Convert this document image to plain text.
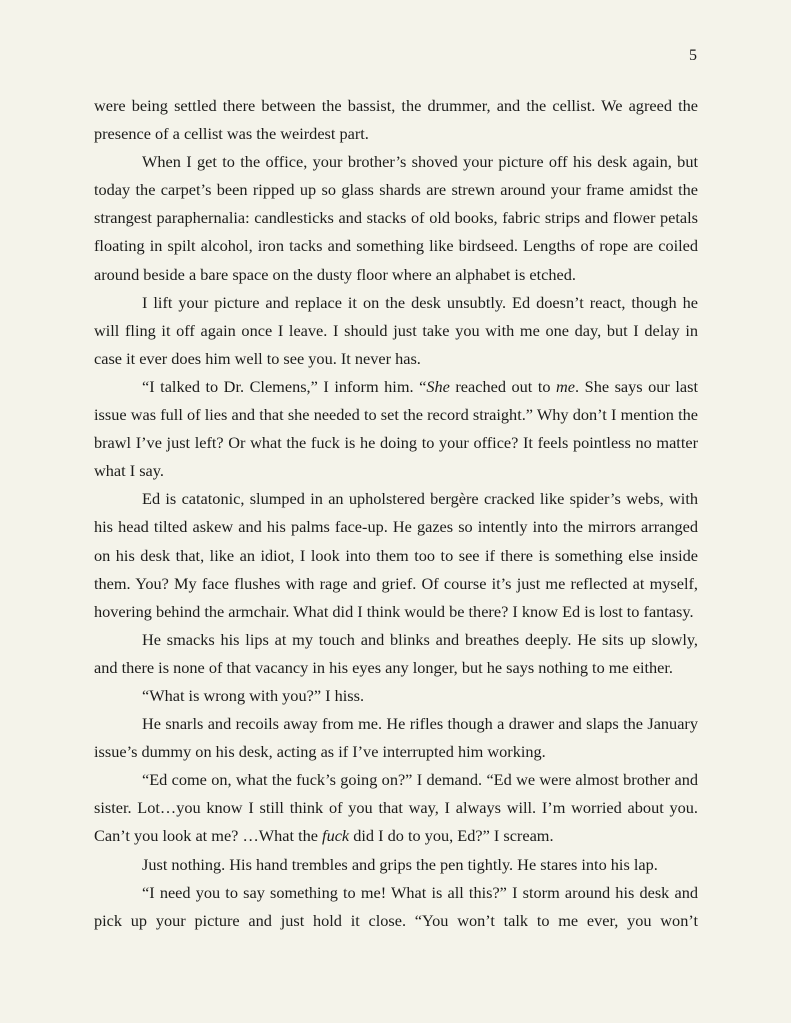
5

were being settled there between the bassist, the drummer, and the cellist. We agreed the presence of a cellist was the weirdest part.

When I get to the office, your brother’s shoved your picture off his desk again, but today the carpet’s been ripped up so glass shards are strewn around your frame amidst the strangest paraphernalia: candlesticks and stacks of old books, fabric strips and flower petals floating in spilt alcohol, iron tacks and something like birdseed. Lengths of rope are coiled around beside a bare space on the dusty floor where an alphabet is etched.

I lift your picture and replace it on the desk unsubtly. Ed doesn’t react, though he will fling it off again once I leave. I should just take you with me one day, but I delay in case it ever does him well to see you. It never has.

“I talked to Dr. Clemens,” I inform him. “She reached out to me. She says our last issue was full of lies and that she needed to set the record straight.” Why don’t I mention the brawl I’ve just left? Or what the fuck is he doing to your office? It feels pointless no matter what I say.

Ed is catatonic, slumped in an upholstered bergère cracked like spider’s webs, with his head tilted askew and his palms face-up. He gazes so intently into the mirrors arranged on his desk that, like an idiot, I look into them too to see if there is something else inside them. You? My face flushes with rage and grief. Of course it’s just me reflected at myself, hovering behind the armchair. What did I think would be there? I know Ed is lost to fantasy.

He smacks his lips at my touch and blinks and breathes deeply. He sits up slowly, and there is none of that vacancy in his eyes any longer, but he says nothing to me either.

“What is wrong with you?” I hiss.

He snarls and recoils away from me. He rifles though a drawer and slaps the January issue’s dummy on his desk, acting as if I’ve interrupted him working.

“Ed come on, what the fuck’s going on?” I demand. “Ed we were almost brother and sister. Lot…you know I still think of you that way, I always will. I’m worried about you. Can’t you look at me? …What the fuck did I do to you, Ed?” I scream.

Just nothing. His hand trembles and grips the pen tightly. He stares into his lap.

“I need you to say something to me! What is all this?” I storm around his desk and pick up your picture and just hold it close. “You won’t talk to me ever, you won’t
